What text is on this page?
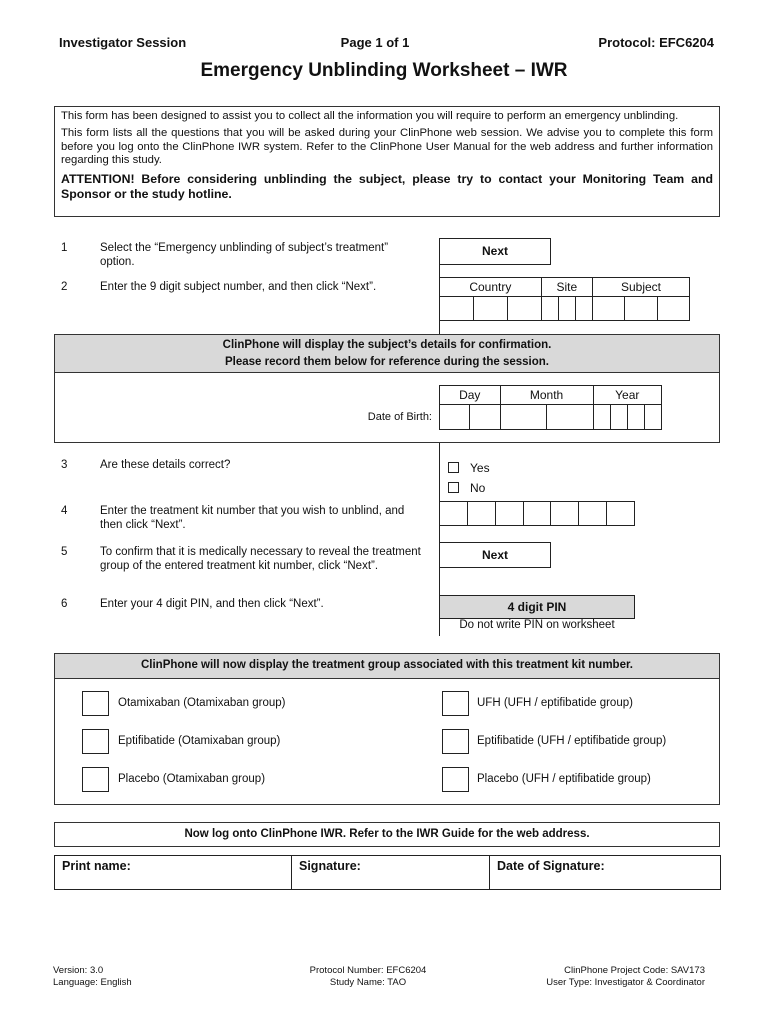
Investigator Session	Page 1 of 1	Protocol: EFC6204
Emergency Unblinding Worksheet – IWR

This form has been designed to assist you to collect all the information you will require to perform an emergency unblinding.

This form lists all the questions that you will be asked during your ClinPhone web session. We advise you to complete this form before you log onto the ClinPhone IWR system. Refer to the ClinPhone User Manual for the web address and further information regarding this study.

ATTENTION! Before considering unblinding the subject, please try to contact your Monitoring Team and Sponsor or the study hotline.

1	Select the “Emergency unblinding of subject’s treatment” option.
Next
2	Enter the 9 digit subject number, and then click “Next”.	Country			Site			Subject		

ClinPhone will display the subject’s details for confirmation.
Please record them below for reference during the session.
Date of Birth:
Day		Month		Year			

3	Are these details correct?	Yes
No
4	Enter the treatment kit number that you wish to unblind, and then click “Next”.

5	To confirm that it is medically necessary to reveal the treatment group of the entered treatment kit number, click “Next”.
Next
6	Enter your 4 digit PIN, and then click “Next”.	4 digit PIN
Do not write PIN on worksheet
ClinPhone will now display the treatment group associated with this treatment kit number.
Otamixaban (Otamixaban group)
Eptifibatide (Otamixaban group)
Placebo (Otamixaban group)
UFH (UFH / eptifibatide group)
Eptifibatide (UFH / eptifibatide group)
Placebo (UFH / eptifibatide group)
Now log onto ClinPhone IWR. Refer to the IWR Guide for the web address.
Print name:	Signature:	Date of Signature:
Version: 3.0
Language: English
Protocol Number: EFC6204
Study Name: TAO
ClinPhone Project Code: SAV173
User Type: Investigator & Coordinator
